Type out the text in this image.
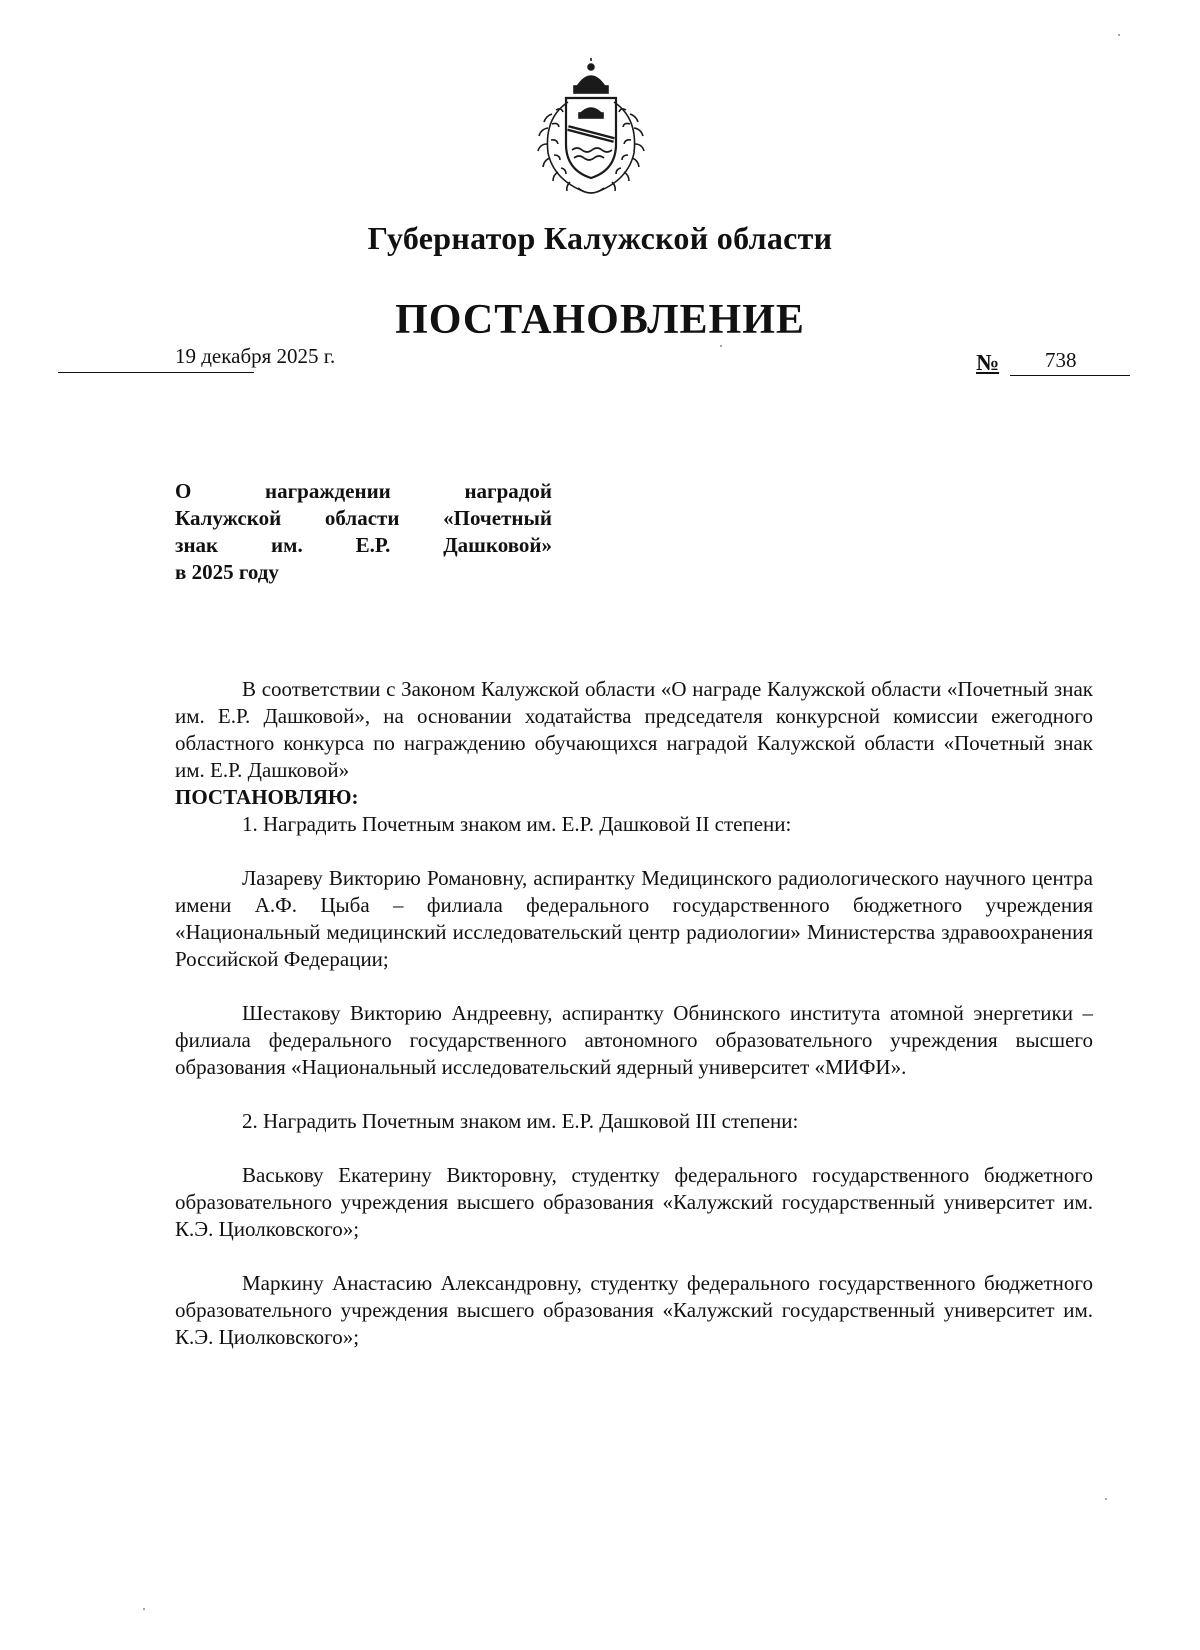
Губернатор Калужской области
ПОСТАНОВЛЕНИЕ
19 декабря 2025 г.	№ 738
О награждении наградой
Калужской области «Почетный
знак им. Е.Р. Дашковой»
в 2025 году

В соответствии с Законом Калужской области «О награде Калужской области «Почетный знак им. Е.Р. Дашковой», на основании ходатайства председателя конкурсной комиссии ежегодного областного конкурса по награждению обучающихся наградой Калужской области «Почетный знак им. Е.Р. Дашковой»

ПОСТАНОВЛЯЮ:

1. Наградить Почетным знаком им. Е.Р. Дашковой II степени:

Лазареву Викторию Романовну, аспирантку Медицинского радиологического научного центра имени А.Ф. Цыба – филиала федерального государственного бюджетного учреждения «Национальный медицинский исследовательский центр радиологии» Министерства здравоохранения Российской Федерации;

Шестакову Викторию Андреевну, аспирантку Обнинского института атомной энергетики – филиала федерального государственного автономного образовательного учреждения высшего образования «Национальный исследовательский ядерный университет «МИФИ».

2. Наградить Почетным знаком им. Е.Р. Дашковой III степени:

Васькову Екатерину Викторовну, студентку федерального государственного бюджетного образовательного учреждения высшего образования «Калужский государственный университет им. К.Э. Циолковского»;

Маркину Анастасию Александровну, студентку федерального государственного бюджетного образовательного учреждения высшего образования «Калужский государственный университет им. К.Э. Циолковского»;
